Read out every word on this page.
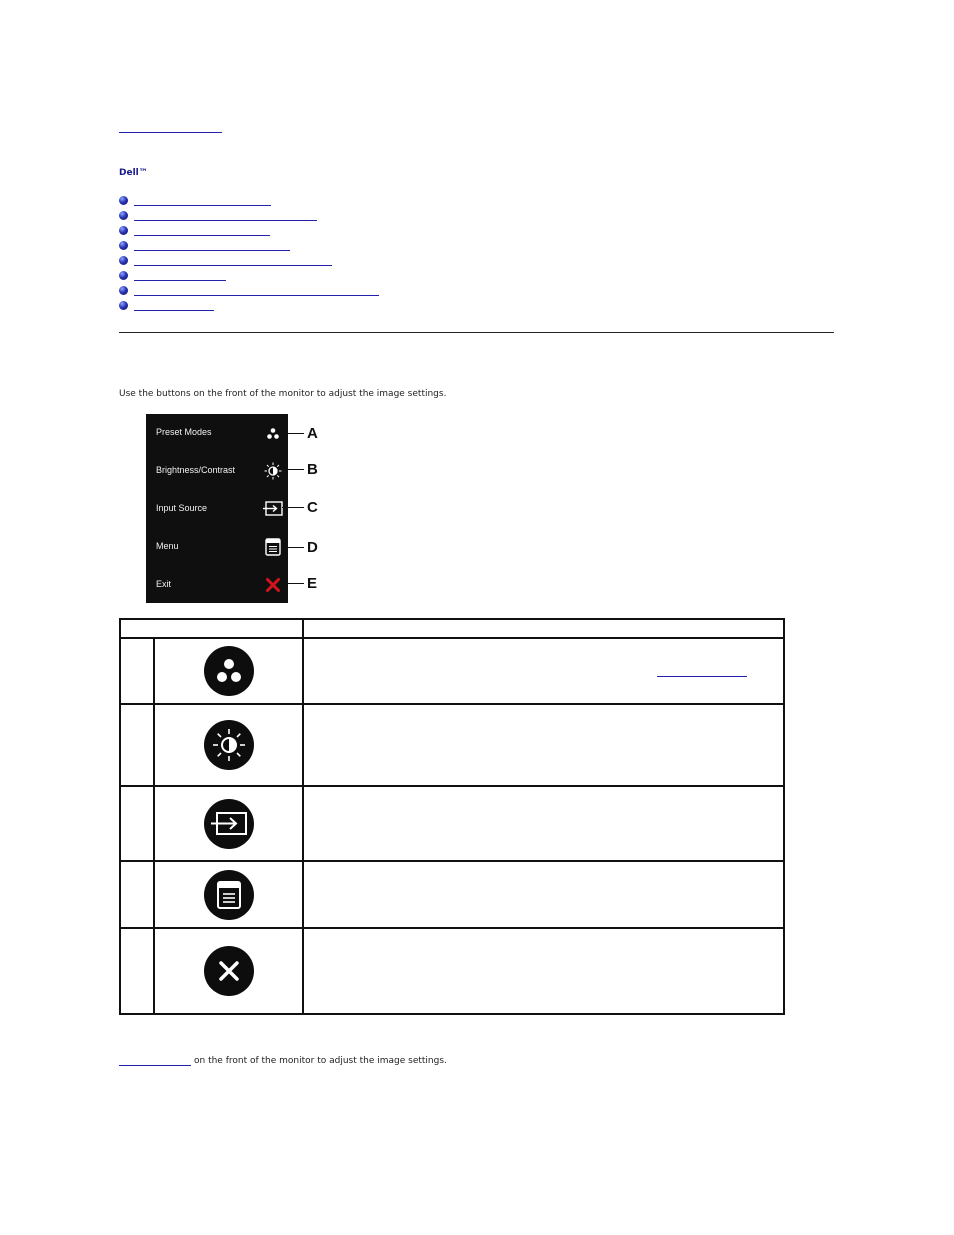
Dell™
Use the buttons on the front of the monitor to adjust the image settings.
Preset Modes
Brightness/Contrast
Input Source
Menu
Exit
A
B
C
D
E

on the front of the monitor to adjust the image settings.
